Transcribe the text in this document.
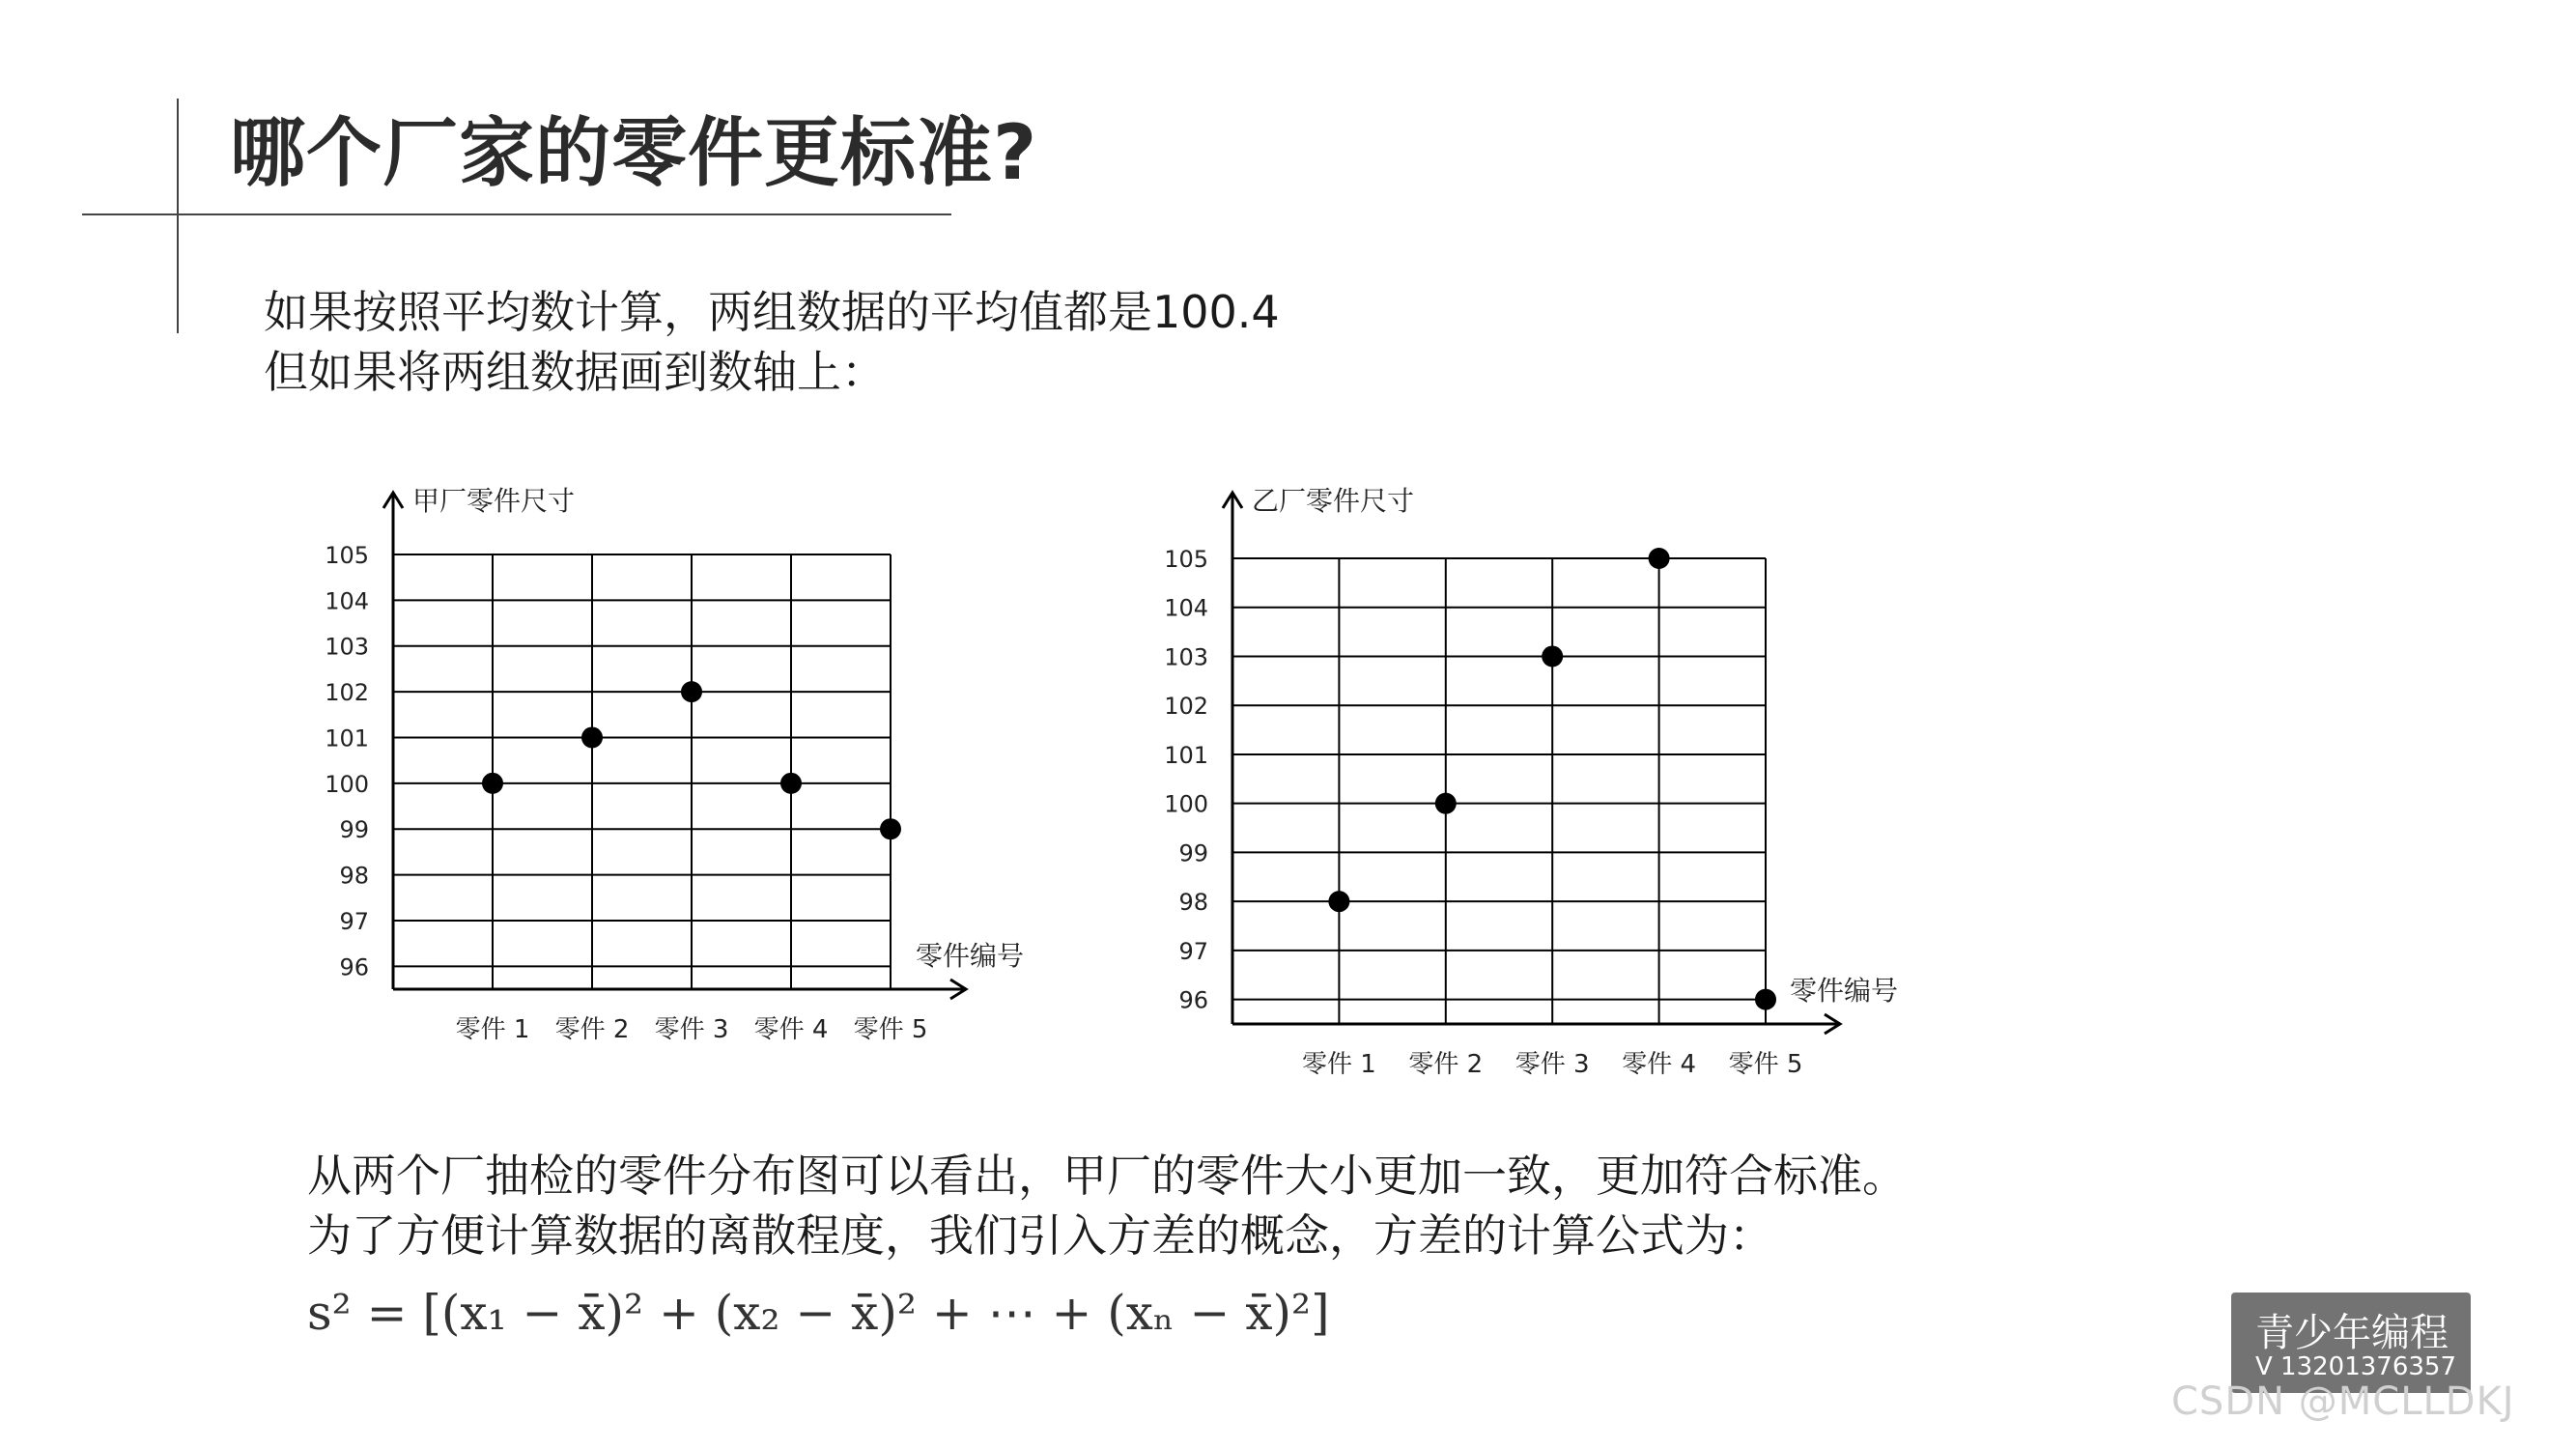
哪个厂家的零件更标准?

如果按照平均数计算，两组数据的平均值都是100.4

但如果将两组数据画到数轴上：

105
104
103
102
101
100
99
98
97
96
零件 1 零件 2 零件 3 零件 4 零件 5
甲厂零件尺寸
零件编号
105
104
103
102
101
100
99
98
97
96
零件 1 零件 2 零件 3 零件 4 零件 5
乙厂零件尺寸
零件编号

从两个厂抽检的零件分布图可以看出，甲厂的零件大小更加一致，更加符合标准。

为了方便计算数据的离散程度，我们引入方差的概念，方差的计算公式为：

s² = [(x₁ − x̄)² + (x₂ − x̄)² + ⋯ + (xₙ − x̄)²]	青少年编程
V 13201376357
CSDN @MCLLDKJ
